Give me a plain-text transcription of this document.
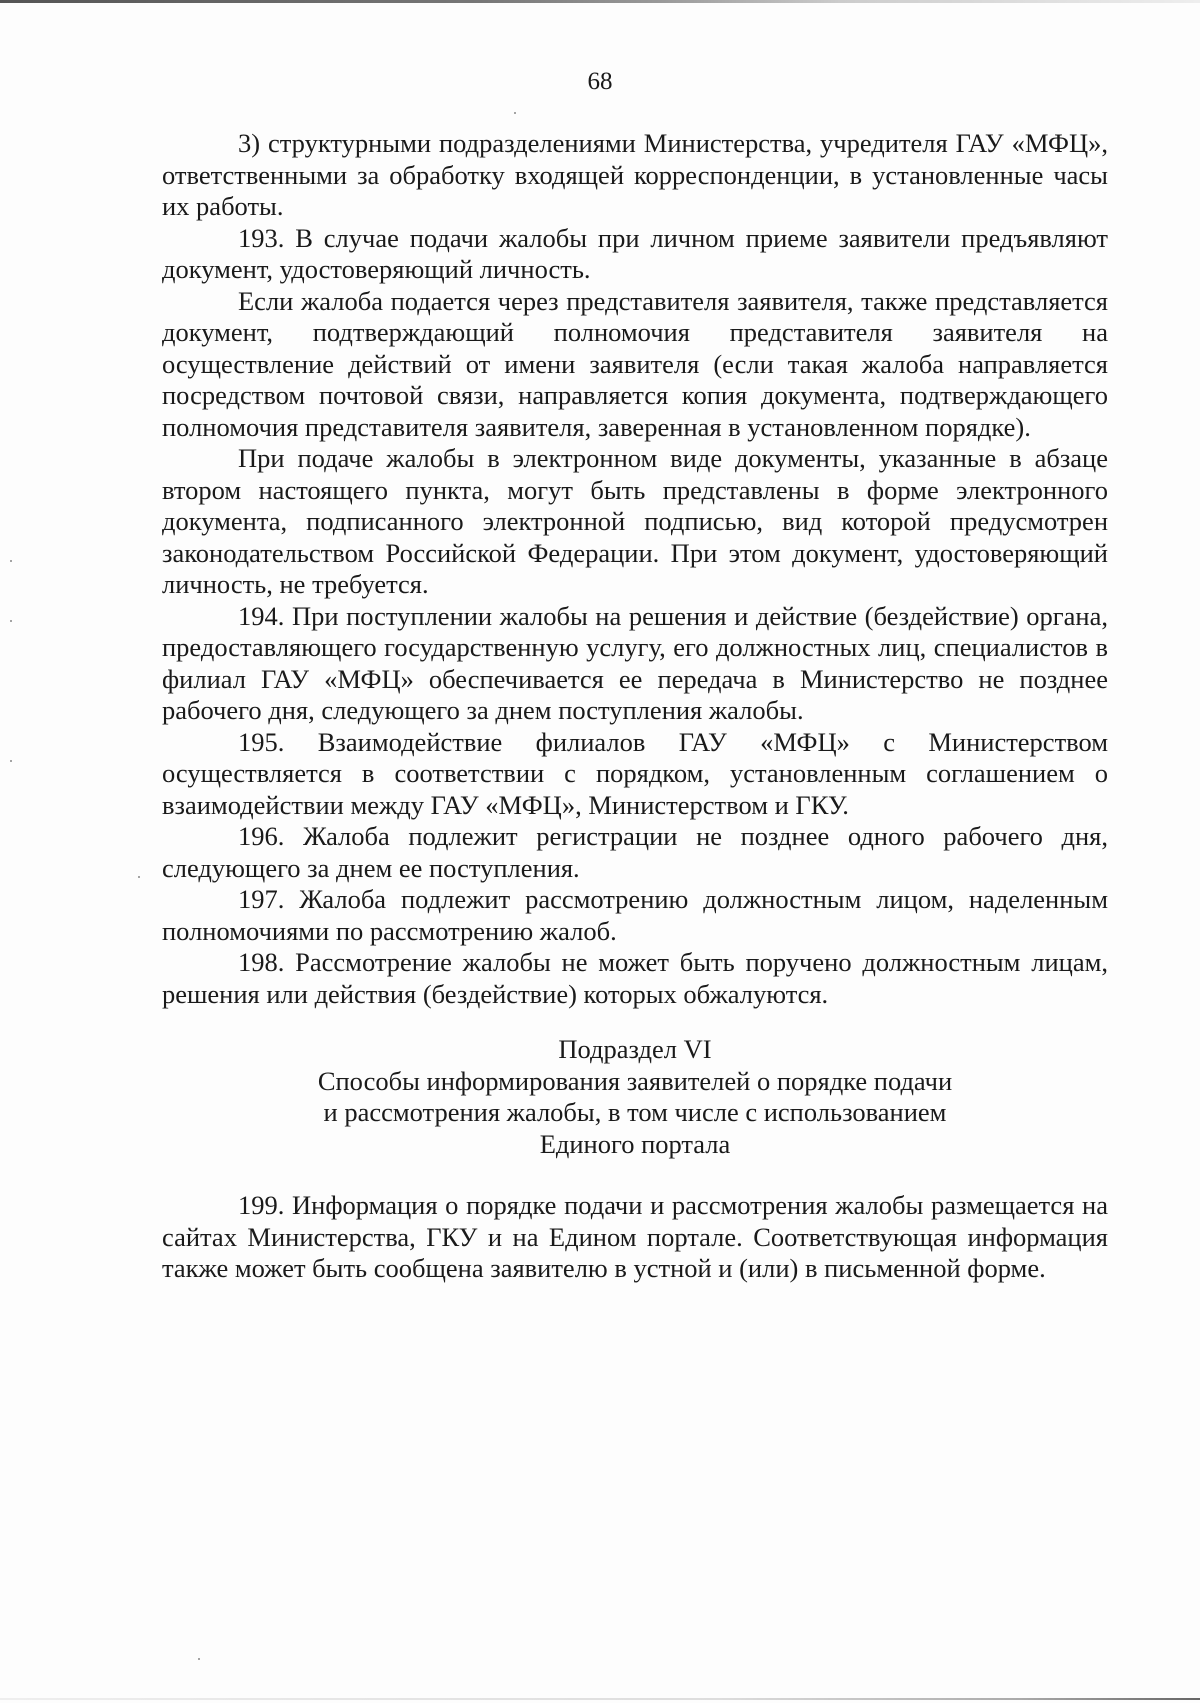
68

3) структурными подразделениями Министерства, учредителя ГАУ «МФЦ», ответственными за обработку входящей корреспонденции, в установленные часы их работы.

193. В случае подачи жалобы при личном приеме заявители предъявляют документ, удостоверяющий личность.

Если жалоба подается через представителя заявителя, также представляется документ, подтверждающий полномочия представителя заявителя на осуществление действий от имени заявителя (если такая жалоба направляется посредством почтовой связи, направляется копия документа, подтверждающего полномочия представителя заявителя, заверенная в установленном порядке).

При подаче жалобы в электронном виде документы, указанные в абзаце втором настоящего пункта, могут быть представлены в форме электронного документа, подписанного электронной подписью, вид которой предусмотрен законодательством Российской Федерации. При этом документ, удостоверяющий личность, не требуется.

194. При поступлении жалобы на решения и действие (бездействие) органа, предоставляющего государственную услугу, его должностных лиц, специалистов в филиал ГАУ «МФЦ» обеспечивается ее передача в Министерство не позднее рабочего дня, следующего за днем поступления жалобы.

195. Взаимодействие филиалов ГАУ «МФЦ» с Министерством осуществляется в соответствии с порядком, установленным соглашением о взаимодействии между ГАУ «МФЦ», Министерством и ГКУ.

196. Жалоба подлежит регистрации не позднее одного рабочего дня, следующего за днем ее поступления.

197. Жалоба подлежит рассмотрению должностным лицом, наделенным полномочиями по рассмотрению жалоб.

198. Рассмотрение жалобы не может быть поручено должностным лицам, решения или действия (бездействие) которых обжалуются.

Подраздел VI

Способы информирования заявителей о порядке подачи

и рассмотрения жалобы, в том числе с использованием

Единого портала

199. Информация о порядке подачи и рассмотрения жалобы размещается на сайтах Министерства, ГКУ и на Едином портале. Соответствующая информация также может быть сообщена заявителю в устной и (или) в письменной форме.
